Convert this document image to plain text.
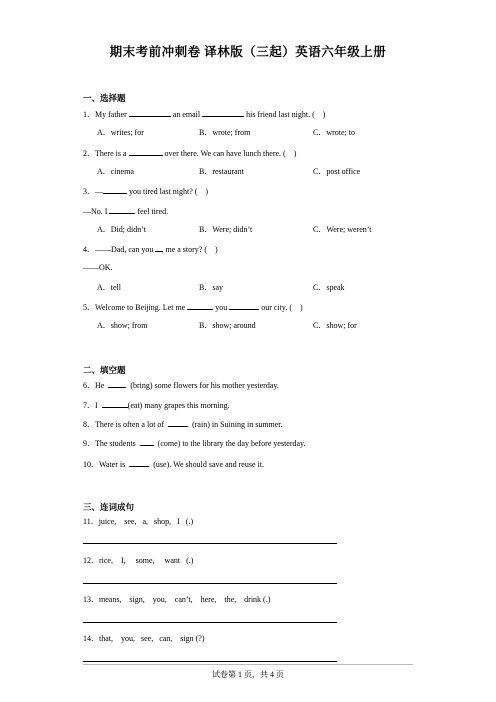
期末考前冲刺卷 译林版（三起）英语六年级上册
一、选择题
1．My father	an email	his friend last night. (    )
A．writes; for	B．wrote; from	C．wrote; to
2．There is a	over there. We can have lunch there. (    )
A．cinema	B．restaurant	C．post office
3．—	you tired last night? (    )
—No. I	feel tired.
A．Did; didn’t	B．Were; didn’t	C．Were; weren’t
4．——Dad, can you  me a story? (    )
——OK.
A．tell	B．say	C．speak
5．Welcome to Beijing. Let me	you	our city. (    )
A．show; from	B．show; around	C．show; for
二、填空题
6．He    (bring) some flowers for his mother yesterday.
7．I	(eat) many grapes this morning.
8．There is often a lot of	(rain) in Suining in summer.
9．The students    (come) to the library the day before yesterday.
10．Water is	(use). We should save and reuse it.
三、连词成句
11．juice,    see,   a,   shop,   I   (.)
12．rice,    I,     some,     want   (.)
13．means,    sign,    you,    can’t,    here,    the,    drink (.)
14．that,    you,   see,   can,    sign (?)
试卷第 1 页，共 4 页
